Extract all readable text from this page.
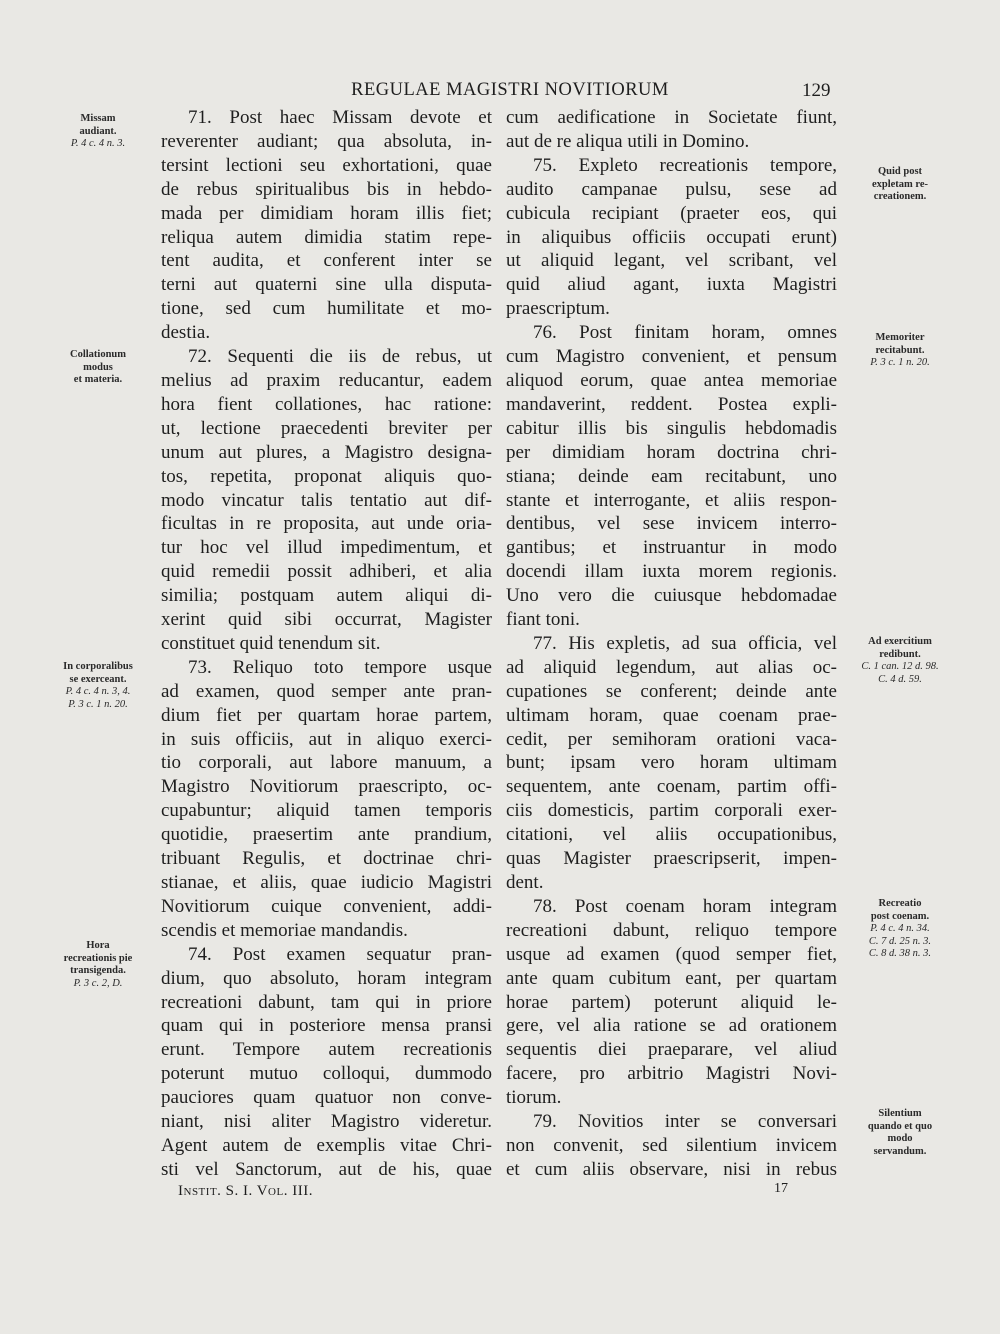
REGULAE MAGISTRI NOVITIORUM	129
71. Post haec Missam devote et
reverenter audiant; qua absoluta, in-
tersint lectioni seu exhortationi, quae
de rebus spiritualibus bis in hebdo-
mada per dimidiam horam illis fiet;
reliqua autem dimidia statim repe-
tent audita, et conferent inter se
terni aut quaterni sine ulla disputa-
tione, sed cum humilitate et mo-
destia.
72. Sequenti die iis de rebus, ut
melius ad praxim reducantur, eadem
hora fient collationes, hac ratione:
ut, lectione praecedenti breviter per
unum aut plures, a Magistro designa-
tos, repetita, proponat aliquis quo-
modo vincatur talis tentatio aut dif-
ficultas in re proposita, aut unde oria-
tur hoc vel illud impedimentum, et
quid remedii possit adhiberi, et alia
similia; postquam autem aliqui di-
xerint quid sibi occurrat, Magister
constituet quid tenendum sit.
73. Reliquo toto tempore usque
ad examen, quod semper ante pran-
dium fiet per quartam horae partem,
in suis officiis, aut in aliquo exerci-
tio corporali, aut labore manuum, a
Magistro Novitiorum praescripto, oc-
cupabuntur; aliquid tamen temporis
quotidie, praesertim ante prandium,
tribuant Regulis, et doctrinae chri-
stianae, et aliis, quae iudicio Magistri
Novitiorum cuique convenient, addi-
scendis et memoriae mandandis.
74. Post examen sequatur pran-
dium, quo absoluto, horam integram
recreationi dabunt, tam qui in priore
quam qui in posteriore mensa pransi
erunt. Tempore autem recreationis
poterunt mutuo colloqui, dummodo
pauciores quam quatuor non conve-
niant, nisi aliter Magistro videretur.
Agent autem de exemplis vitae Chri-
sti vel Sanctorum, aut de his, quae
cum aedificatione in Societate fiunt,
aut de re aliqua utili in Domino.
75. Expleto recreationis tempore,
audito campanae pulsu, sese ad
cubicula recipiant (praeter eos, qui
in aliquibus officiis occupati erunt)
ut aliquid legant, vel scribant, vel
quid aliud agant, iuxta Magistri
praescriptum.
76. Post finitam horam, omnes
cum Magistro convenient, et pensum
aliquod eorum, quae antea memoriae
mandaverint, reddent. Postea expli-
cabitur illis bis singulis hebdomadis
per dimidiam horam doctrina chri-
stiana; deinde eam recitabunt, uno
stante et interrogante, et aliis respon-
dentibus, vel sese invicem interro-
gantibus; et instruantur in modo
docendi illam iuxta morem regionis.
Uno vero die cuiusque hebdomadae
fiant toni.
77. His expletis, ad sua officia, vel
ad aliquid legendum, aut alias oc-
cupationes se conferent; deinde ante
ultimam horam, quae coenam prae-
cedit, per semihoram orationi vaca-
bunt; ipsam vero horam ultimam
sequentem, ante coenam, partim offi-
ciis domesticis, partim corporali exer-
citationi, vel aliis occupationibus,
quas Magister praescripserit, impen-
dent.
78. Post coenam horam integram
recreationi dabunt, reliquo tempore
usque ad examen (quod semper fiet,
ante quam cubitum eant, per quartam
horae partem) poterunt aliquid le-
gere, vel alia ratione se ad orationem
sequentis diei praeparare, vel aliud
facere, pro arbitrio Magistri Novi-
tiorum.
79. Novitios inter se conversari
non convenit, sed silentium invicem
et cum aliis observare, nisi in rebus
Missam
audiant.
P. 4 c. 4 n. 3.
Collationum
modus
et materia.
In corporalibus
se exerceant.
P. 4 c. 4 n. 3, 4.
P. 3 c. 1 n. 20.
Hora
recreationis pie
transigenda.
P. 3 c. 2, D.
Quid post
expletam re-
creationem.
Memoriter
recitabunt.
P. 3 c. 1 n. 20.
Ad exercitium
redibunt.
C. 1 can. 12 d. 98.
C. 4 d. 59.
Recreatio
post coenam.
P. 4 c. 4 n. 34.
C. 7 d. 25 n. 3.
C. 8 d. 38 n. 3.
Silentium
quando et quo
modo
servandum.
Instit. S. I. Vol. III.	17
